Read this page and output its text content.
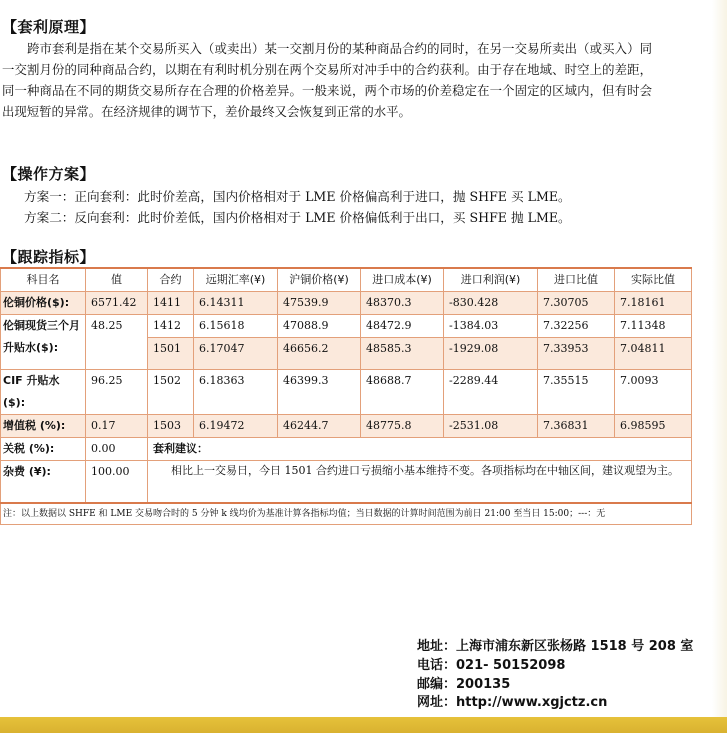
【套利原理】
跨市套利是指在某个交易所买入（或卖出）某一交割月份的某种商品合约的同时，在另一交易所卖出（或买入）同一交割月份的同种商品合约，以期在有利时机分别在两个交易所对冲手中的合约获利。由于存在地域、时空上的差距，同一种商品在不同的期货交易所存在合理的价格差异。一般来说，两个市场的价差稳定在一个固定的区域内，但有时会出现短暂的异常。在经济规律的调节下，差价最终又会恢复到正常的水平。
【操作方案】
方案一：正向套利：此时价差高，国内价格相对于 LME 价格偏高利于进口，抛 SHFE 买 LME。
方案二：反向套利：此时价差低，国内价格相对于 LME 价格偏低利于出口，买 SHFE 抛 LME。
【跟踪指标】
科目名	值	合约	远期汇率(¥)	沪铜价格(¥)	进口成本(¥)	进口利润(¥)	进口比值	实际比值
伦铜价格($):	6571.42	1411	6.14311	47539.9	48370.3	-830.428	7.30705	7.18161
伦铜现货三个月升贴水($):	48.25	1412	6.15618	47088.9	48472.9	-1384.03	7.32256	7.11348
		1501	6.17047	46656.2	48585.3	-1929.08	7.33953	7.04811
CIF 升贴水($):	96.25	1502	6.18363	46399.3	48688.7	-2289.44	7.35515	7.0093
增值税 (%):	0.17	1503	6.19472	46244.7	48775.8	-2531.08	7.36831	6.98595
关税 (%):	0.00	套利建议：						
杂费 (¥):	100.00	相比上一交易日，今日 1501 合约进口亏损缩小基本维持不变。各项指标均在中轴区间，建议观望为主。						

注：以上数据以 SHFE 和 LME 交易吻合时的 5 分钟 k 线均价为基准计算各指标均值；当日数据的计算时间范围为前日 21:00 至当日 15:00；---：无								
地址：上海市浦东新区张杨路 1518 号 208 室
电话：021- 50152098
邮编：200135
网址：http://www.xgjctz.cn
